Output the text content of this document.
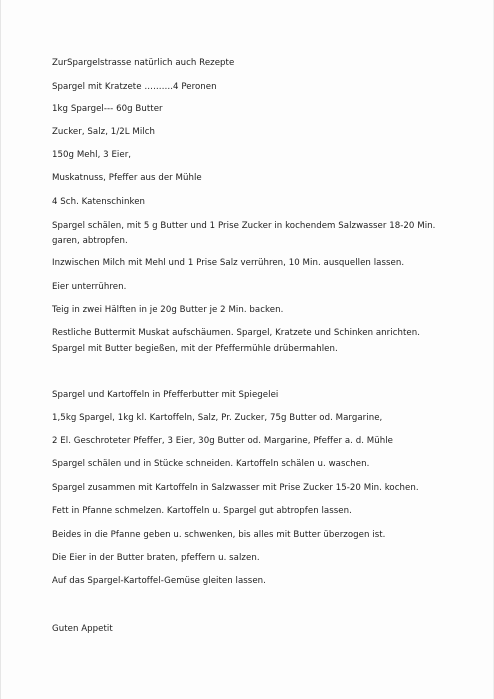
ZurSpargelstrasse natürlich auch Rezepte
Spargel mit Kratzete ……….4 Peronen
1kg Spargel--- 60g Butter
Zucker, Salz, 1/2L Milch
150g Mehl, 3 Eier,
Muskatnuss, Pfeffer aus der Mühle
4 Sch. Katenschinken
Spargel schälen, mit 5 g Butter und 1 Prise Zucker in kochendem Salzwasser 18-20 Min.
garen, abtropfen.
Inzwischen Milch mit Mehl und 1 Prise Salz verrühren, 10 Min. ausquellen lassen.
Eier unterrühren.
Teig in zwei Hälften in je 20g Butter je 2 Min. backen.
Restliche Buttermit Muskat aufschäumen. Spargel, Kratzete und Schinken anrichten.
Spargel mit Butter begießen, mit der Pfeffermühle drübermahlen.
Spargel und Kartoffeln in Pfefferbutter mit Spiegelei
1,5kg Spargel, 1kg kl. Kartoffeln, Salz, Pr. Zucker, 75g Butter od. Margarine,
2 El. Geschroteter Pfeffer, 3 Eier, 30g Butter od. Margarine, Pfeffer a. d. Mühle
Spargel schälen und in Stücke schneiden. Kartoffeln schälen u. waschen.
Spargel zusammen mit Kartoffeln in Salzwasser mit Prise Zucker 15-20 Min. kochen.
Fett in Pfanne schmelzen. Kartoffeln u. Spargel gut abtropfen lassen.
Beides in die Pfanne geben u. schwenken, bis alles mit Butter überzogen ist.
Die Eier in der Butter braten, pfeffern u. salzen.
Auf das Spargel-Kartoffel-Gemüse gleiten lassen.
Guten Appetit
